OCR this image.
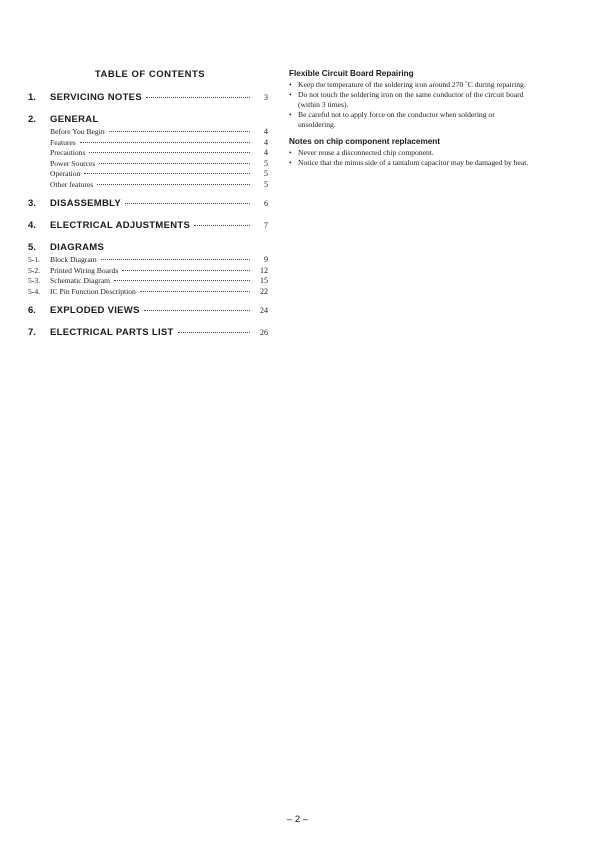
TABLE OF CONTENTS
1.	SERVICING NOTES	3
2.	GENERAL
Before You Begin	4
Features	4
Precautions	4
Power Sources	5
Operation	5
Other features	5
3.	DISASSEMBLY	6
4.	ELECTRICAL ADJUSTMENTS	7
5.	DIAGRAMS
5-1.	Block Diagram	9
5-2.	Printed Wiring Boards	12
5-3.	Schematic Diagram	15
5-4.	IC Pin Function Description	22
6.	EXPLODED VIEWS	24
7.	ELECTRICAL PARTS LIST	26
Flexible Circuit Board Repairing
• Keep the temperature of the soldering iron around 270 ˚C during repairing.
• Do not touch the soldering iron on the same conductor of the circuit board (within 3 times).
• Be careful not to apply force on the conductor when soldering or unsoldering.
Notes on chip component replacement
• Never reuse a disconnected chip component.
• Notice that the minus side of a tantalum capacitor may be damaged by heat.
– 2 –
